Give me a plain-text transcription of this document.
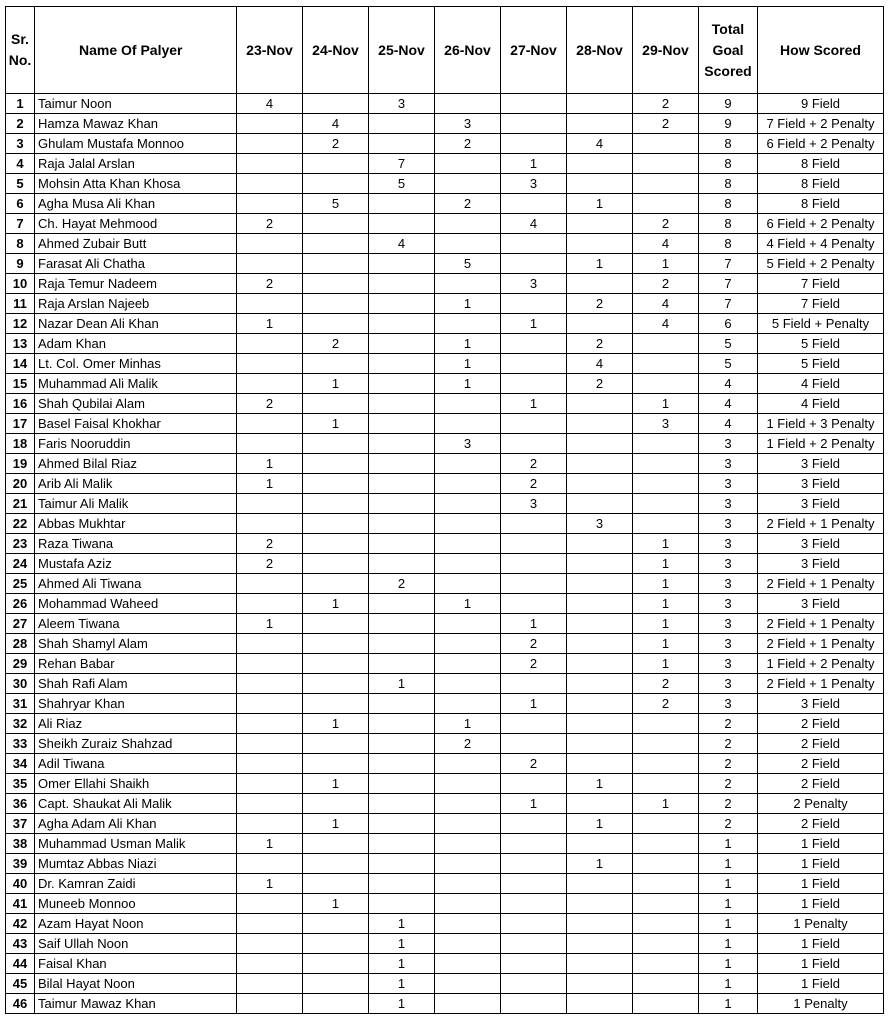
Sr. No.	Name Of Palyer	23-Nov	24-Nov	25-Nov	26-Nov	27-Nov	28-Nov	29-Nov	Total Goal Scored	How Scored
1	Taimur Noon	4		3				2	9	9 Field
2	Hamza Mawaz Khan		4		3			2	9	7 Field + 2 Penalty
3	Ghulam Mustafa Monnoo		2		2		4		8	6 Field + 2 Penalty
4	Raja Jalal Arslan			7		1			8	8 Field
5	Mohsin Atta Khan Khosa			5		3			8	8 Field
6	Agha Musa Ali Khan		5		2		1		8	8 Field
7	Ch. Hayat Mehmood	2				4		2	8	6 Field + 2 Penalty
8	Ahmed Zubair Butt			4				4	8	4 Field + 4 Penalty
9	Farasat Ali Chatha				5		1	1	7	5 Field + 2 Penalty
10	Raja Temur Nadeem	2				3		2	7	7 Field
11	Raja Arslan Najeeb				1		2	4	7	7 Field
12	Nazar Dean Ali Khan	1				1		4	6	5 Field + Penalty
13	Adam Khan		2		1		2		5	5 Field
14	Lt. Col. Omer Minhas				1		4		5	5 Field
15	Muhammad Ali Malik		1		1		2		4	4 Field
16	Shah Qubilai Alam	2				1		1	4	4 Field
17	Basel Faisal Khokhar		1					3	4	1 Field + 3 Penalty
18	Faris Nooruddin				3				3	1 Field + 2 Penalty
19	Ahmed Bilal Riaz	1				2			3	3 Field
20	Arib Ali Malik	1				2			3	3 Field
21	Taimur Ali Malik					3			3	3 Field
22	Abbas Mukhtar						3		3	2 Field + 1 Penalty
23	Raza Tiwana	2						1	3	3 Field
24	Mustafa Aziz	2						1	3	3 Field
25	Ahmed Ali Tiwana			2				1	3	2 Field + 1 Penalty
26	Mohammad Waheed		1		1			1	3	3 Field
27	Aleem Tiwana	1				1		1	3	2 Field + 1 Penalty
28	Shah Shamyl Alam					2		1	3	2 Field + 1 Penalty
29	Rehan Babar					2		1	3	1 Field + 2 Penalty
30	Shah Rafi Alam			1				2	3	2 Field + 1 Penalty
31	Shahryar Khan					1		2	3	3 Field
32	Ali Riaz		1		1				2	2 Field
33	Sheikh Zuraiz Shahzad				2				2	2 Field
34	Adil Tiwana					2			2	2 Field
35	Omer Ellahi Shaikh		1				1		2	2 Field
36	Capt. Shaukat Ali Malik					1		1	2	2 Penalty
37	Agha Adam Ali Khan		1				1		2	2 Field
38	Muhammad Usman Malik	1							1	1 Field
39	Mumtaz Abbas Niazi						1		1	1 Field
40	Dr. Kamran Zaidi	1							1	1 Field
41	Muneeb Monnoo		1						1	1 Field
42	Azam Hayat Noon			1					1	1 Penalty
43	Saif Ullah Noon			1					1	1 Field
44	Faisal Khan			1					1	1 Field
45	Bilal Hayat Noon			1					1	1 Field
46	Taimur Mawaz Khan			1					1	1 Penalty
